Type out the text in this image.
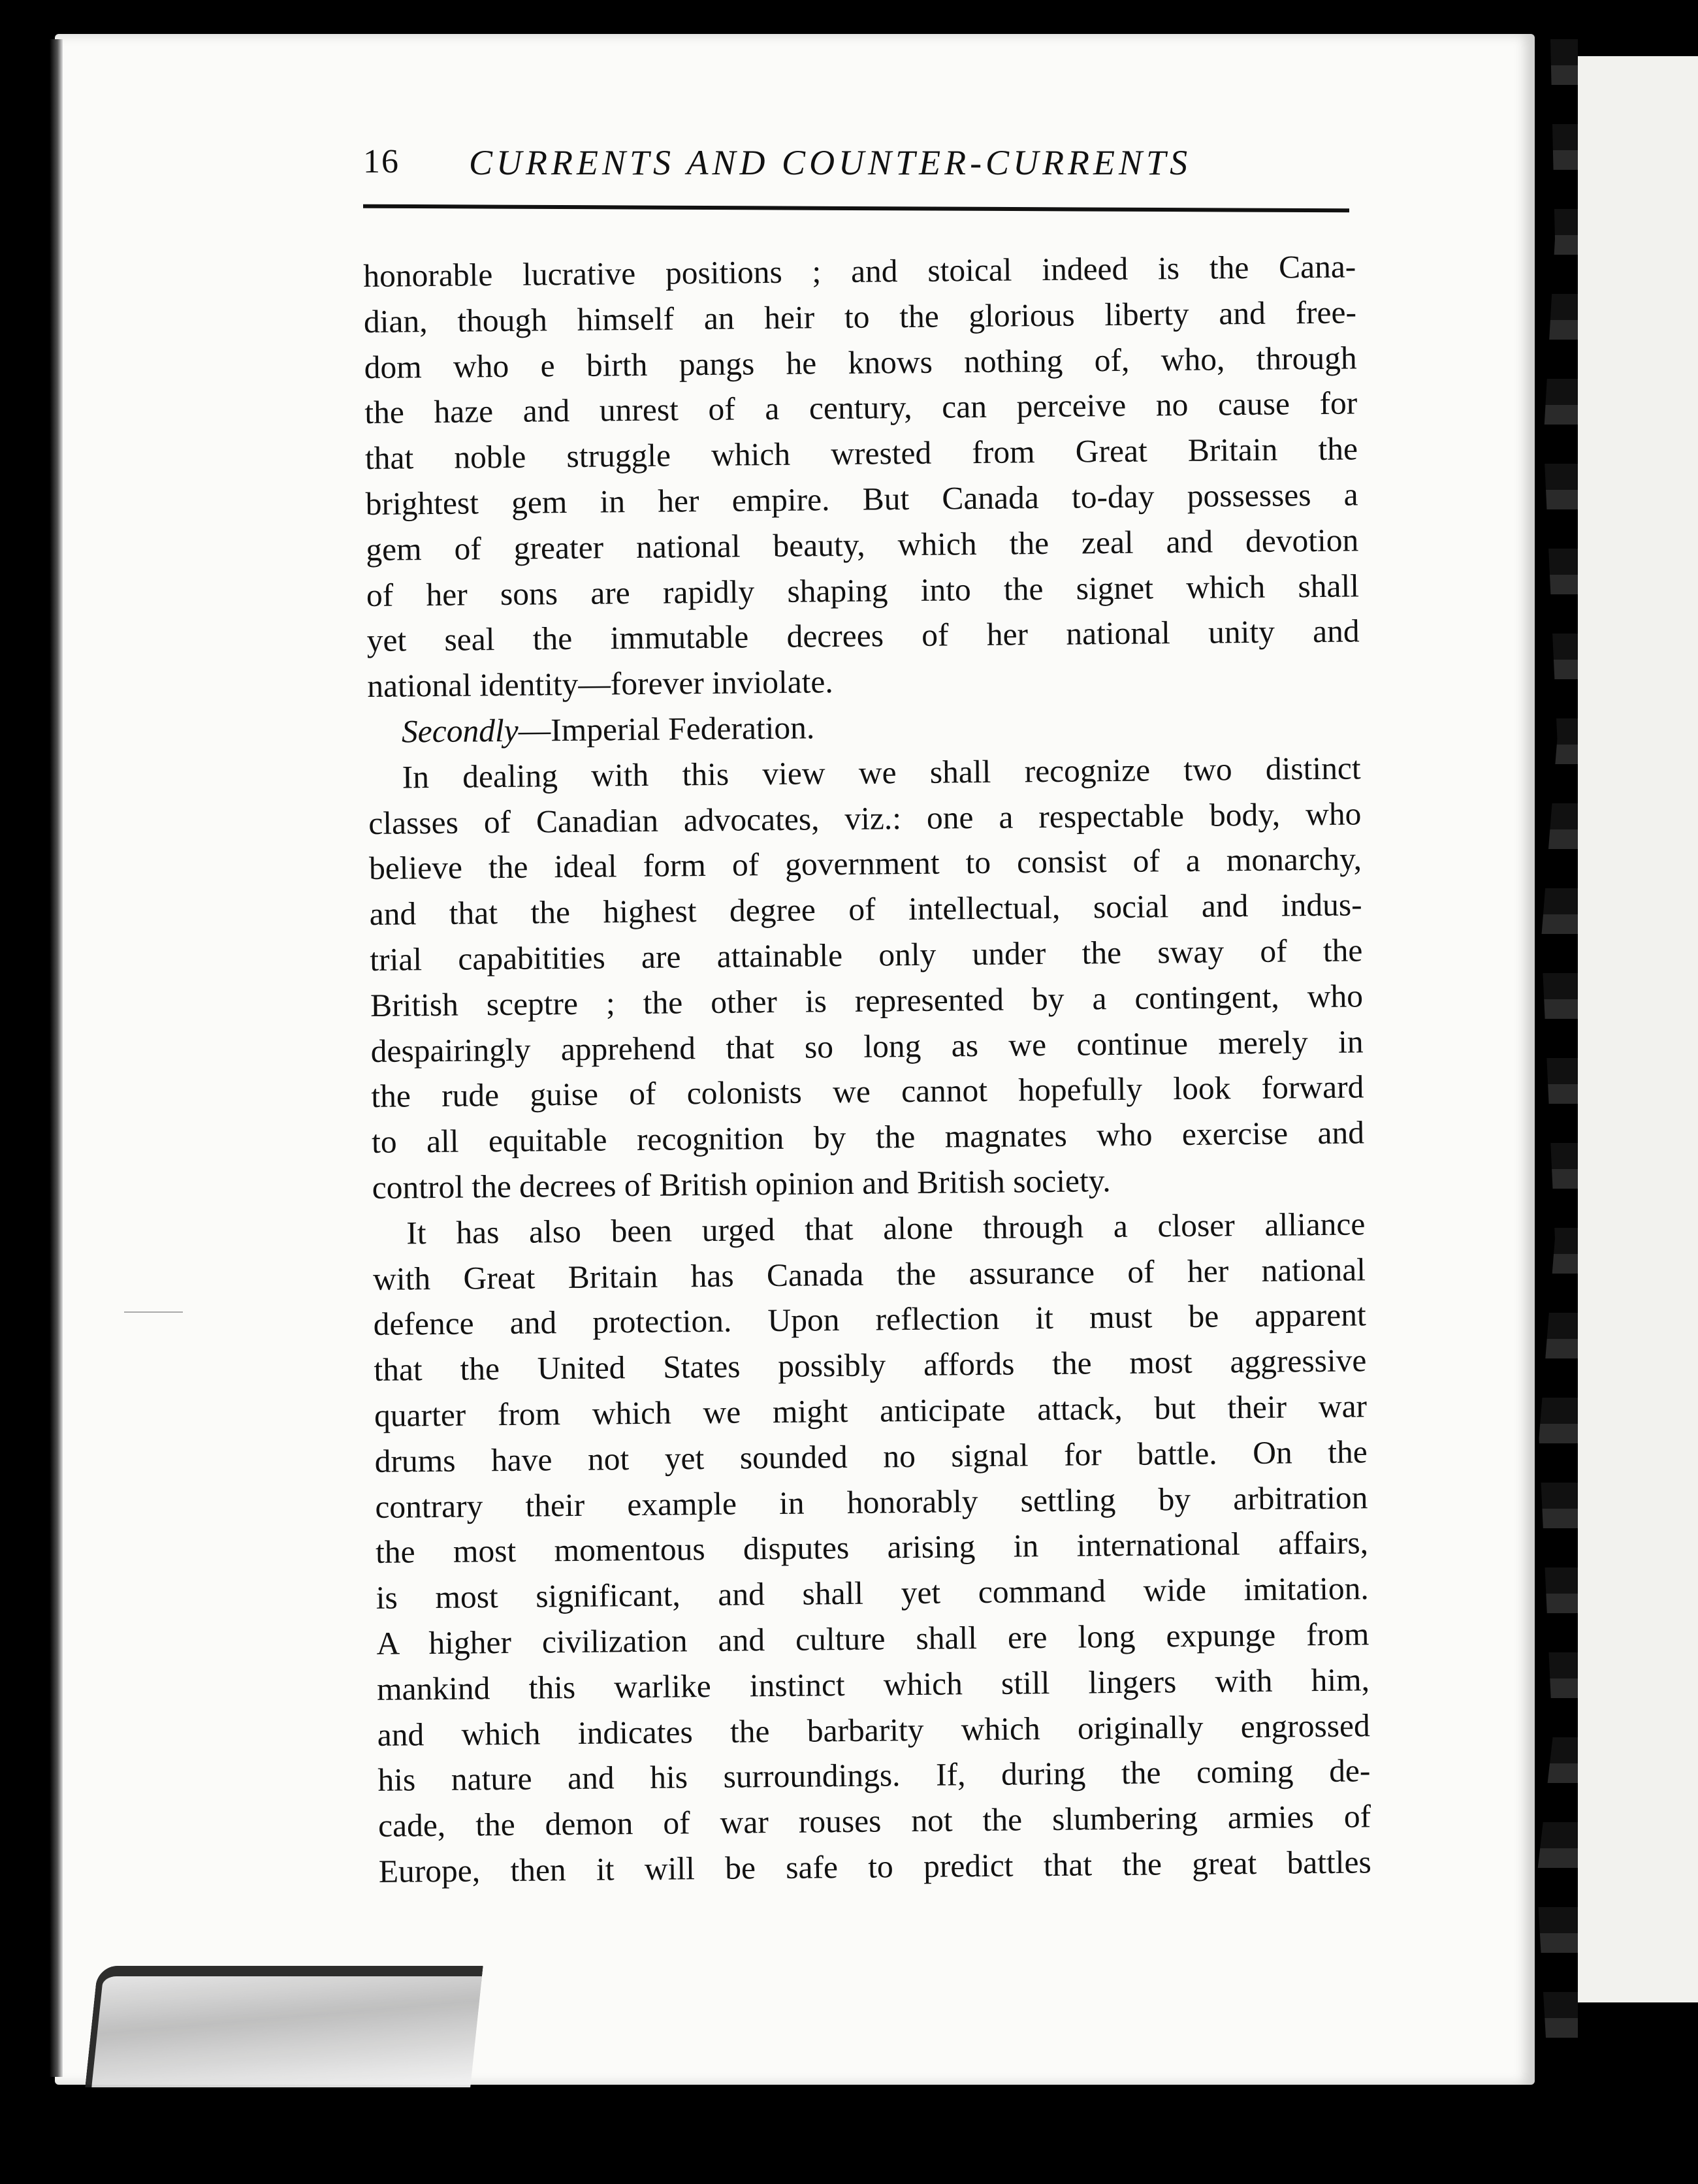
16 CURRENTS AND COUNTER-CURRENTS
honorable lucrative positions ; and stoical indeed is the Cana-
dian, though himself an heir to the glorious liberty and free-
dom who e birth pangs he knows nothing of, who, through
the haze and unrest of a century, can perceive no cause for
that noble struggle which wrested from Great Britain the
brightest gem in her empire. But Canada to-day possesses a
gem of greater national beauty, which the zeal and devotion
of her sons are rapidly shaping into the signet which shall
yet seal the immutable decrees of her national unity and
national identity—forever inviolate.
Secondly—Imperial Federation.
In dealing with this view we shall recognize two distinct
classes of Canadian advocates, viz.: one a respectable body, who
believe the ideal form of government to consist of a monarchy,
and that the highest degree of intellectual, social and indus-
trial capabitities are attainable only under the sway of the
British sceptre ; the other is represented by a contingent, who
despairingly apprehend that so long as we continue merely in
the rude guise of colonists we cannot hopefully look forward
to all equitable recognition by the magnates who exercise and
control the decrees of British opinion and British society.
It has also been urged that alone through a closer alliance
with Great Britain has Canada the assurance of her national
defence and protection. Upon reflection it must be apparent
that the United States possibly affords the most aggressive
quarter from which we might anticipate attack, but their war
drums have not yet sounded no signal for battle. On the
contrary their example in honorably settling by arbitration
the most momentous disputes arising in international affairs,
is most significant, and shall yet command wide imitation.
A higher civilization and culture shall ere long expunge from
mankind this warlike instinct which still lingers with him,
and which indicates the barbarity which originally engrossed
his nature and his surroundings. If, during the coming de-
cade, the demon of war rouses not the slumbering armies of
Europe, then it will be safe to predict that the great battles
